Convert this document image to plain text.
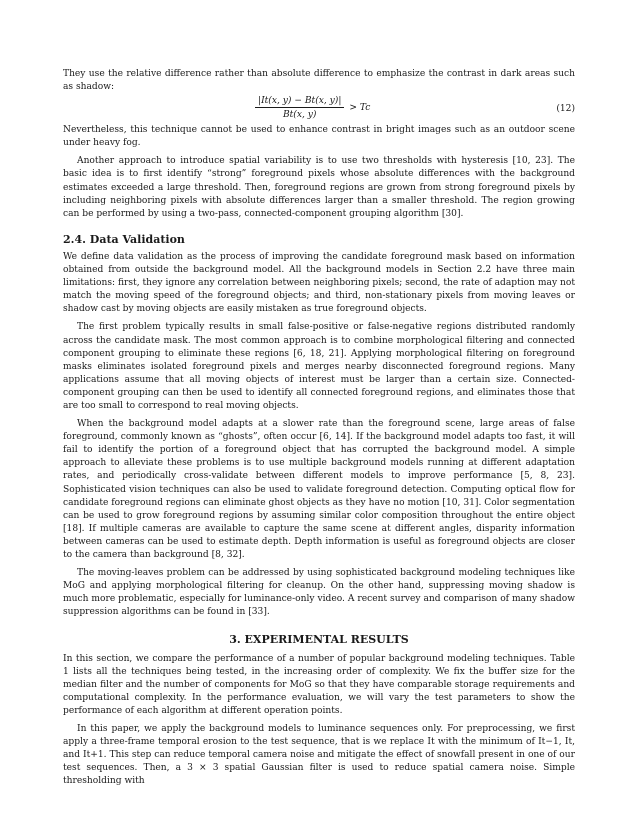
They use the relative difference rather than absolute difference to emphasize the contrast in dark areas such as shadow:

$\frac{|It(x, y) - Bt(x, y)|}{Bt(x, y)} > Tc$	(12)

Nevertheless, this technique cannot be used to enhance contrast in bright images such as an outdoor scene under heavy fog.

Another approach to introduce spatial variability is to use two thresholds with hysteresis [10, 23]. The basic idea is to first identify “strong” foreground pixels whose absolute differences with the background estimates exceeded a large threshold. Then, foreground regions are grown from strong foreground pixels by including neighboring pixels with absolute differences larger than a smaller threshold. The region growing can be performed by using a two-pass, connected-component grouping algorithm [30].

2.4. Data Validation

We define data validation as the process of improving the candidate foreground mask based on information obtained from outside the background model. All the background models in Section 2.2 have three main limitations: first, they ignore any correlation between neighboring pixels; second, the rate of adaption may not match the moving speed of the foreground objects; and third, non-stationary pixels from moving leaves or shadow cast by moving objects are easily mistaken as true foreground objects.

The first problem typically results in small false-positive or false-negative regions distributed randomly across the candidate mask. The most common approach is to combine morphological filtering and connected component grouping to eliminate these regions [6, 18, 21]. Applying morphological filtering on foreground masks eliminates isolated foreground pixels and merges nearby disconnected foreground regions. Many applications assume that all moving objects of interest must be larger than a certain size. Connected-component grouping can then be used to identify all connected foreground regions, and eliminates those that are too small to correspond to real moving objects.

When the background model adapts at a slower rate than the foreground scene, large areas of false foreground, commonly known as “ghosts”, often occur [6, 14]. If the background model adapts too fast, it will fail to identify the portion of a foreground object that has corrupted the background model. A simple approach to alleviate these problems is to use multiple background models running at different adaptation rates, and periodically cross-validate between different models to improve performance [5, 8, 23]. Sophisticated vision techniques can also be used to validate foreground detection. Computing optical flow for candidate foreground regions can eliminate ghost objects as they have no motion [10, 31]. Color segmentation can be used to grow foreground regions by assuming similar color composition throughout the entire object [18]. If multiple cameras are available to capture the same scene at different angles, disparity information between cameras can be used to estimate depth. Depth information is useful as foreground objects are closer to the camera than background [8, 32].

The moving-leaves problem can be addressed by using sophisticated background modeling techniques like MoG and applying morphological filtering for cleanup. On the other hand, suppressing moving shadow is much more problematic, especially for luminance-only video. A recent survey and comparison of many shadow suppression algorithms can be found in [33].

3. EXPERIMENTAL RESULTS

In this section, we compare the performance of a number of popular background modeling techniques. Table 1 lists all the techniques being tested, in the increasing order of complexity. We fix the buffer size for the median filter and the number of components for MoG so that they have comparable storage requirements and computational complexity. In the performance evaluation, we will vary the test parameters to show the performance of each algorithm at different operation points.

In this paper, we apply the background models to luminance sequences only. For preprocessing, we first apply a three-frame temporal erosion to the test sequence, that is we replace It with the minimum of It−1, It, and It+1. This step can reduce temporal camera noise and mitigate the effect of snowfall present in one of our test sequences. Then, a 3 × 3 spatial Gaussian filter is used to reduce spatial camera noise. Simple thresholding with
